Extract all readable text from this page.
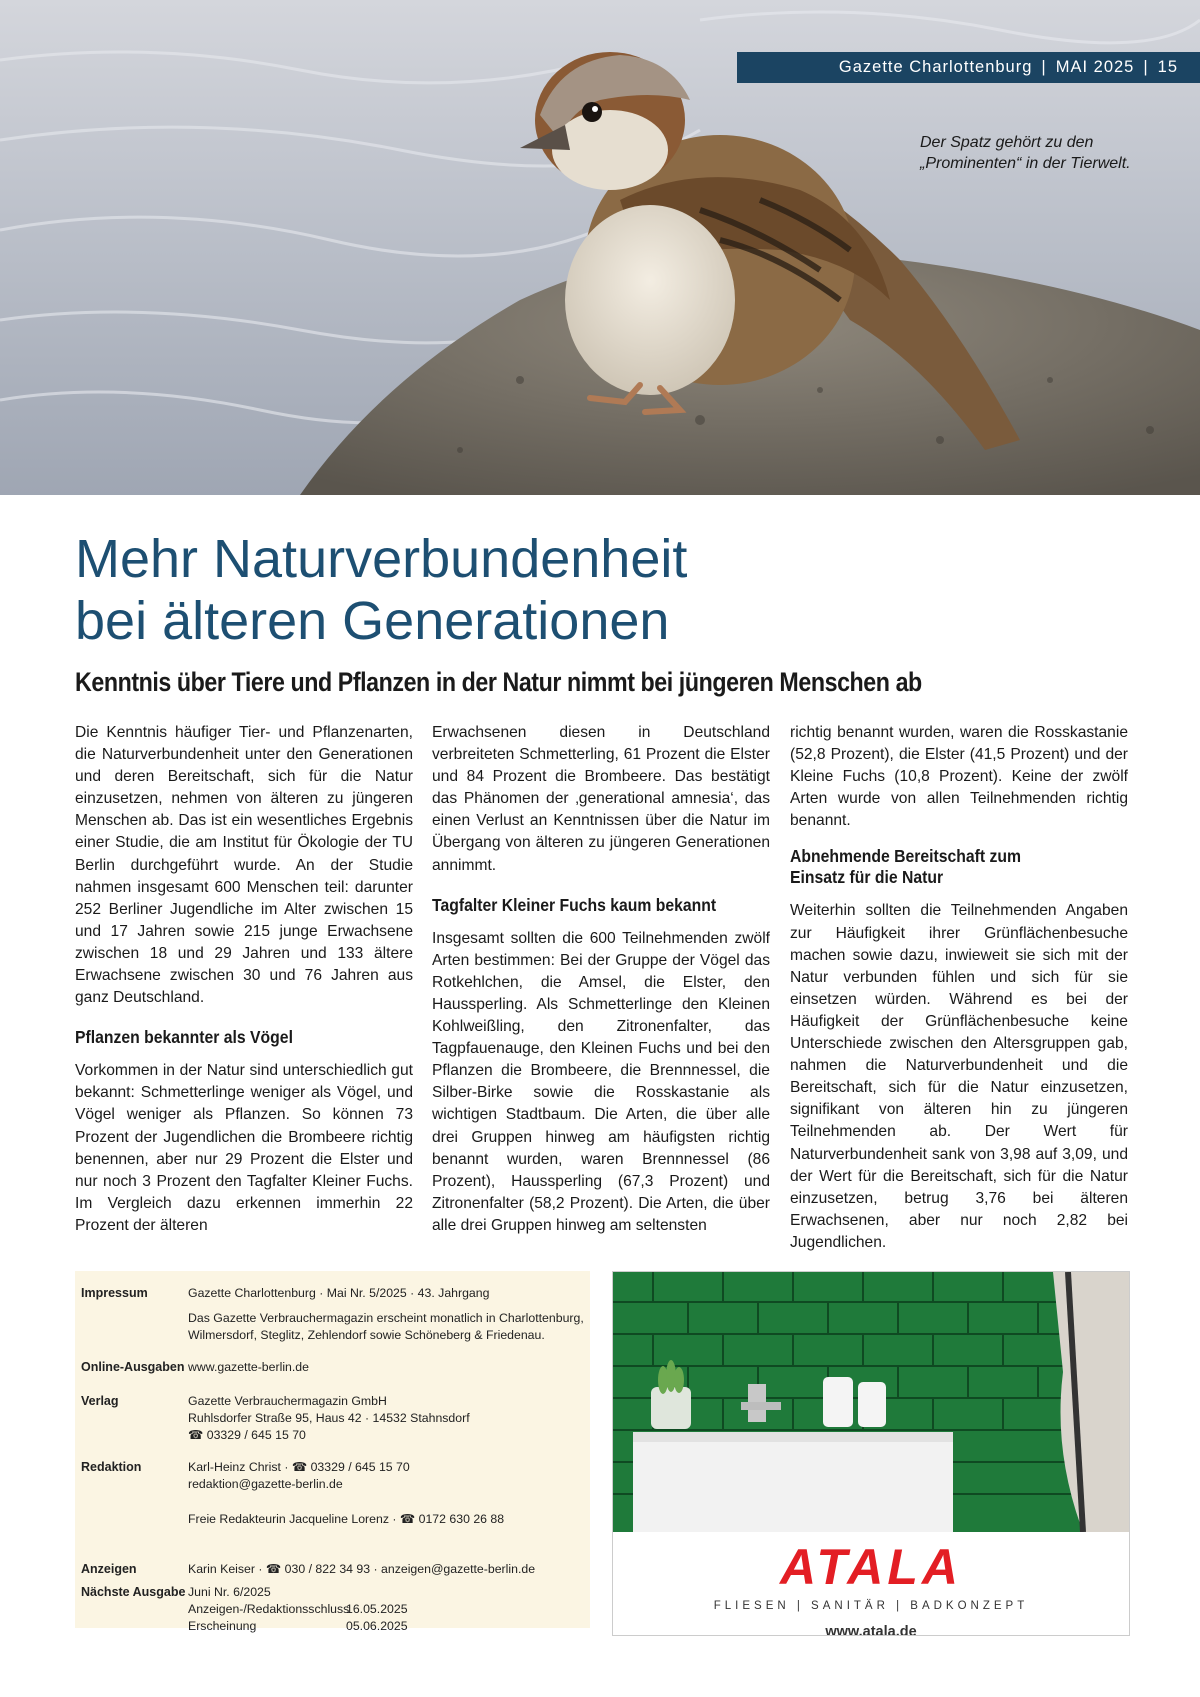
Gazette Charlottenburg | MAI 2025 | 15
Der Spatz gehört zu den
„Prominenten“ in der Tierwelt.
Mehr Naturverbundenheit
bei älteren Generationen
Kenntnis über Tiere und Pflanzen in der Natur nimmt bei jüngeren Menschen ab

Die Kenntnis häufiger Tier- und Pflanzenarten, die Naturverbundenheit unter den Generationen und deren Bereitschaft, sich für die Natur einzusetzen, nehmen von älteren zu jüngeren Menschen ab. Das ist ein wesentliches Ergebnis einer Studie, die am Institut für Ökologie der TU Berlin durchgeführt wurde. An der Studie nahmen insgesamt 600 Menschen teil: darunter 252 Berliner Jugendliche im Alter zwischen 15 und 17 Jahren sowie 215 junge Erwachsene zwischen 18 und 29 Jahren und 133 ältere Erwachsene zwischen 30 und 76 Jahren aus ganz Deutschland.

Pflanzen bekannter als Vögel

Vorkommen in der Natur sind unterschiedlich gut bekannt: Schmetterlinge weniger als Vögel, und Vögel weniger als Pflanzen. So können 73 Prozent der Jugendlichen die Brombeere richtig benennen, aber nur 29 Prozent die Elster und nur noch 3 Prozent den Tagfalter Kleiner Fuchs. Im Vergleich dazu erkennen immerhin 22 Prozent der älteren

Erwachsenen diesen in Deutschland verbreiteten Schmetterling, 61 Prozent die Elster und 84 Prozent die Brombeere. Das bestätigt das Phänomen der ‚generational amnesia‘, das einen Verlust an Kenntnissen über die Natur im Übergang von älteren zu jüngeren Generationen annimmt.

Tagfalter Kleiner Fuchs kaum bekannt

Insgesamt sollten die 600 Teilnehmenden zwölf Arten bestimmen: Bei der Gruppe der Vögel das Rotkehlchen, die Amsel, die Elster, den Haussperling. Als Schmetterlinge den Kleinen Kohlweißling, den Zitronenfalter, das Tagpfauenauge, den Kleinen Fuchs und bei den Pflanzen die Brombeere, die Brennnessel, die Silber-Birke sowie die Rosskastanie als wichtigen Stadtbaum. Die Arten, die über alle drei Gruppen hinweg am häufigsten richtig benannt wurden, waren Brennnessel (86 Prozent), Haussperling (67,3 Prozent) und Zitronenfalter (58,2 Prozent). Die Arten, die über alle drei Gruppen hinweg am seltensten

richtig benannt wurden, waren die Rosskastanie (52,8 Prozent), die Elster (41,5 Prozent) und der Kleine Fuchs (10,8 Prozent). Keine der zwölf Arten wurde von allen Teilnehmenden richtig benannt.

Abnehmende Bereitschaft zum
Einsatz für die Natur

Weiterhin sollten die Teilnehmenden Angaben zur Häufigkeit ihrer Grünflächenbesuche machen sowie dazu, inwieweit sie sich mit der Natur verbunden fühlen und sich für sie einsetzen würden. Während es bei der Häufigkeit der Grünflächenbesuche keine Unterschiede zwischen den Altersgruppen gab, nahmen die Naturverbundenheit und die Bereitschaft, sich für die Natur einzusetzen, signifikant von älteren hin zu jüngeren Teilnehmenden ab. Der Wert für Naturverbundenheit sank von 3,98 auf 3,09, und der Wert für die Bereitschaft, sich für die Natur einzusetzen, betrug 3,76 bei älteren Erwachsenen, aber nur noch 2,82 bei Jugendlichen.

Impressum	Gazette Charlottenburg · Mai Nr. 5/2025 · 43. Jahrgang
Das Gazette Verbrauchermagazin erscheint monatlich in Charlottenburg,
Wilmersdorf, Steglitz, Zehlendorf sowie Schöneberg & Friedenau.
Online-Ausgaben www.gazette-berlin.de
Verlag	Gazette Verbrauchermagazin GmbH
Ruhlsdorfer Straße 95, Haus 42 · 14532 Stahnsdorf
☎ 03329 / 645 15 70
Redaktion	Karl-Heinz Christ · ☎ 03329 / 645 15 70
redaktion@gazette-berlin.de
Freie Redakteurin Jacqueline Lorenz · ☎ 0172 630 26 88
Anzeigen	Karin Keiser · ☎ 030 / 822 34 93 · anzeigen@gazette-berlin.de
Nächste Ausgabe Juni Nr. 6/2025
Anzeigen-/Redaktionsschluss
16.05.2025
Erscheinung	05.06.2025
ATALA
FLIESEN | SANITÄR | BADKONZEPT
www.atala.de
